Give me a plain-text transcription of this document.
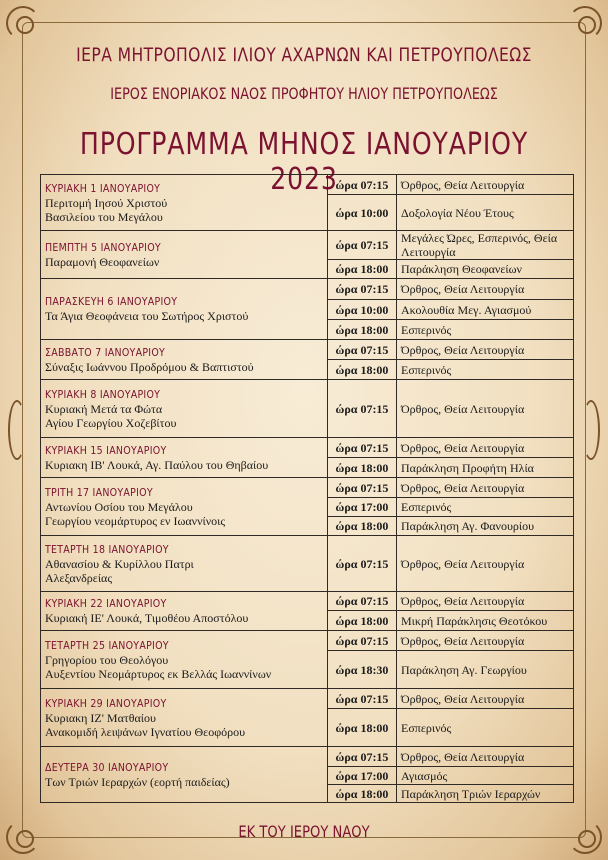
ΙΕΡΑ ΜΗΤΡΟΠΟΛΙΣ ΙΛΙΟΥ ΑΧΑΡΝΩΝ ΚΑΙ ΠΕΤΡΟΥΠΟΛΕΩΣ
ΙΕΡΟΣ ΕΝΟΡΙΑΚΟΣ ΝΑΟΣ ΠΡΟΦΗΤΟΥ ΗΛΙΟΥ ΠΕΤΡΟΥΠΟΛΕΩΣ
ΠΡΟΓΡΑΜΜΑ ΜΗΝΟΣ ΙΑΝΟΥΑΡΙΟΥ 2023
ΚΥΡΙΑΚΗ 1 ΙΑΝΟΥΑΡΙΟΥ
Περιτομή Ιησού Χριστού
Βασιλείου του Μεγάλου	ώρα 07:15	Όρθρος, Θεία Λειτουργία
	ώρα 10:00	Δοξολογία Νέου Έτους

ΠΕΜΠΤΗ 5 ΙΑΝΟΥΑΡΙΟΥ
Παραμονή Θεοφανείων	ώρα 07:15	Μεγάλες Ώρες, Εσπερινός, Θεία Λειτουργία
	ώρα 18:00	Παράκληση Θεοφανείων

ΠΑΡΑΣΚΕΥΗ 6 ΙΑΝΟΥΑΡΙΟΥ
Τα Άγια Θεοφάνεια του Σωτήρος Χριστού	ώρα 07:15	Όρθρος, Θεία Λειτουργία
	ώρα 10:00	Ακολουθία Μεγ. Αγιασμού
	ώρα 18:00	Εσπερινός

ΣΑΒΒΑΤΟ 7 ΙΑΝΟΥΑΡΙΟΥ
Σύναξις Ιωάννου Προδρόμου & Βαπτιστού	ώρα 07:15	Όρθρος, Θεία Λειτουργία
	ώρα 18:00	Εσπερινός

ΚΥΡΙΑΚΗ 8 ΙΑΝΟΥΑΡΙΟΥ
Κυριακή Μετά τα Φώτα
Αγίου Γεωργίου Χοζεβίτου	ώρα 07:15	Όρθρος, Θεία Λειτουργία

ΚΥΡΙΑΚΗ 15 ΙΑΝΟΥΑΡΙΟΥ
Κυριακη ΙΒ' Λουκά, Αγ. Παύλου του Θηβαίου	ώρα 07:15	Όρθρος, Θεία Λειτουργία
	ώρα 18:00	Παράκληση Προφήτη Ηλία

ΤΡΙΤΗ 17 ΙΑΝΟΥΑΡΙΟΥ
Αντωνίου Οσίου του Μεγάλου
Γεωργίου νεομάρτυρος εν Ιωαννίνοις	ώρα 07:15	Όρθρος, Θεία Λειτουργία
	ώρα 17:00	Εσπερινός
	ώρα 18:00	Παράκληση Αγ. Φανουρίου

ΤΕΤΑΡΤΗ 18 ΙΑΝΟΥΑΡΙΟΥ
Αθανασίου & Κυρίλλου Πατρι
Αλεξανδρείας	ώρα 07:15	Όρθρος, Θεία Λειτουργία

ΚΥΡΙΑΚΗ 22 ΙΑΝΟΥΑΡΙΟΥ
Κυριακή ΙΕ' Λουκά, Τιμοθέου Αποστόλου	ώρα 07:15	Όρθρος, Θεία Λειτουργία
	ώρα 18:00	Μικρή Παράκλησις Θεοτόκου

ΤΕΤΑΡΤΗ 25 ΙΑΝΟΥΑΡΙΟΥ
Γρηγορίου του Θεολόγου
Αυξεντίου Νεομάρτυρος εκ Βελλάς Ιωαννίνων	ώρα 07:15	Όρθρος, Θεία Λειτουργία
	ώρα 18:30	Παράκληση Αγ. Γεωργίου

ΚΥΡΙΑΚΗ 29 ΙΑΝΟΥΑΡΙΟΥ
Κυριακη ΙΖ' Ματθαίου
Ανακομιδή λειψάνων Ιγνατίου Θεοφόρου	ώρα 07:15	Όρθρος, Θεία Λειτουργία
	ώρα 18:00	Εσπερινός

ΔΕΥΤΕΡΑ 30 ΙΑΝΟΥΑΡΙΟΥ
Των Τριών Ιεραρχών (εορτή παιδείας)	ώρα 07:15	Όρθρος, Θεία Λειτουργία
	ώρα 17:00	Αγιασμός
	ώρα 18:00	Παράκληση Τριών Ιεραρχών
ΕΚ ΤΟΥ ΙΕΡΟΥ ΝΑΟΥ
